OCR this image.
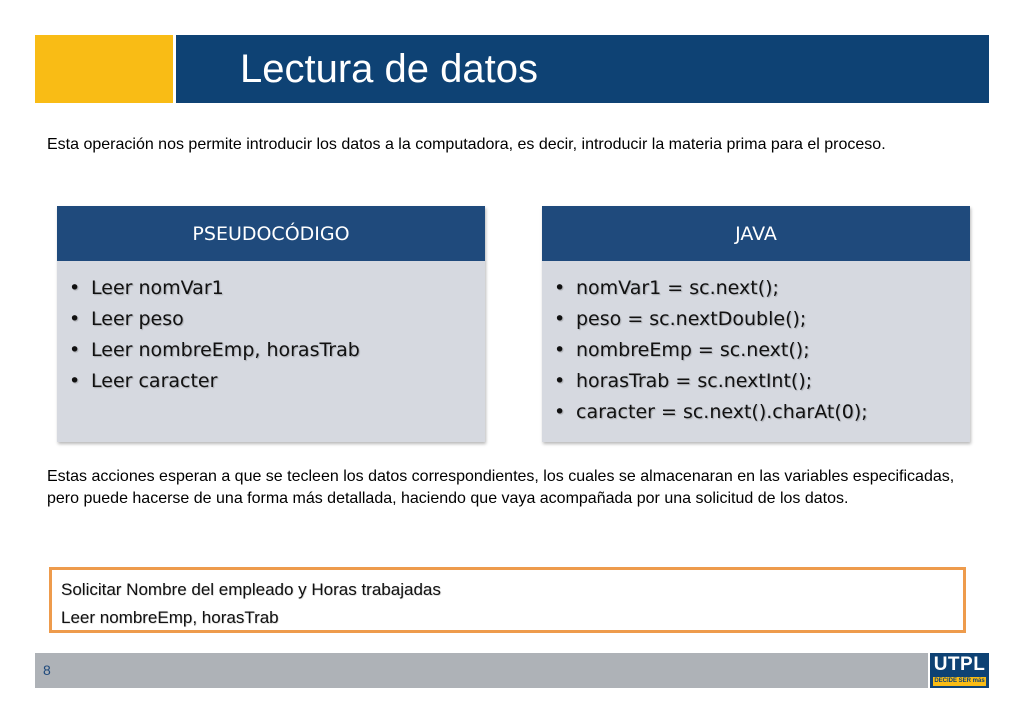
Lectura de datos

Esta operación nos permite introducir los datos a la computadora, es decir, introducir la materia prima para el proceso.

PSEUDOCÓDIGO
• Leer nomVar1
• Leer peso
• Leer nombreEmp, horasTrab
• Leer caracter
JAVA
• nomVar1 = sc.next();
• peso = sc.nextDouble();
• nombreEmp = sc.next();
• horasTrab = sc.nextInt();
• caracter = sc.next().charAt(0);

Estas acciones esperan a que se tecleen los datos correspondientes, los cuales se almacenaran en las variables especificadas, pero puede hacerse de una forma más detallada, haciendo que vaya acompañada por una solicitud de los datos.

Solicitar Nombre del empleado y Horas trabajadas
Leer nombreEmp, horasTrab
8	UTPL
DECIDE SER más
